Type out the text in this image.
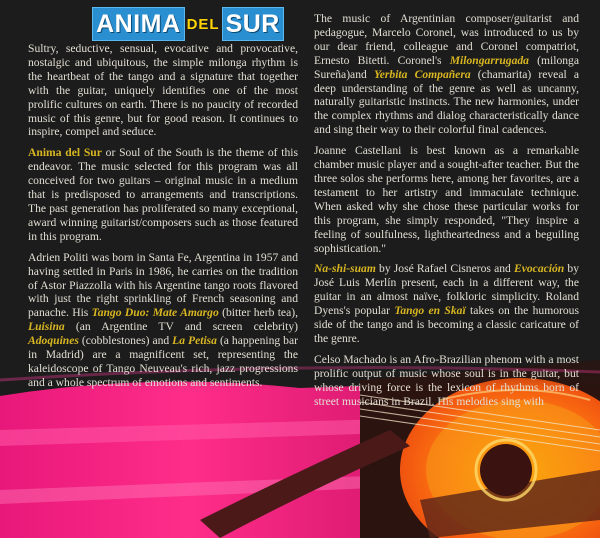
ANIMA DEL SUR

Sultry, seductive, sensual, evocative and provocative, nostalgic and ubiquitous, the simple milonga rhythm is the heartbeat of the tango and a signature that together with the guitar, uniquely identifies one of the most prolific cultures on earth. There is no paucity of recorded music of this genre, but for good reason. It continues to inspire, compel and seduce.

Anima del Sur or Soul of the South is the theme of this endeavor. The music selected for this program was all conceived for two guitars – original music in a medium that is predisposed to arrangements and transcriptions. The past generation has proliferated so many exceptional, award winning guitarist/composers such as those featured in this program.

Adrien Politi was born in Santa Fe, Argentina in 1957 and having settled in Paris in 1986, he carries on the tradition of Astor Piazzolla with his Argentine tango roots flavored with just the right sprinkling of French seasoning and panache. His Tango Duo: Mate Amargo (bitter herb tea), Luisina (an Argentine TV and screen celebrity) Adoquines (cobblestones) and La Petisa (a happening bar in Madrid) are a magnificent set, representing the kaleidoscope of Tango Neuveau's rich, jazz progressions and a whole spectrum of emotions and sentiments.

The music of Argentinian composer/guitarist and pedagogue, Marcelo Coronel, was introduced to us by our dear friend, colleague and Coronel compatriot, Ernesto Bitetti. Coronel's Milongarrugada (milonga Sureña)and Yerbita Compañera (chamarita) reveal a deep understanding of the genre as well as uncanny, naturally guitaristic instincts. The new harmonies, under the complex rhythms and dialog characteristically dance and sing their way to their colorful final cadences.

Joanne Castellani is best known as a remarkable chamber music player and a sought-after teacher. But the three solos she performs here, among her favorites, are a testament to her artistry and immaculate technique. When asked why she chose these particular works for this program, she simply responded, "They inspire a feeling of soulfulness, lightheartedness and a beguiling sophistication."

Na-shi-suam by José Rafael Cisneros and Evocación by José Luis Merlín present, each in a different way, the guitar in an almost naïve, folkloric simplicity. Roland Dyens's popular Tango en Skaï takes on the humorous side of the tango and is becoming a classic caricature of the genre.

Celso Machado is an Afro-Brazilian phenom with a most prolific output of music whose soul is in the guitar, but whose driving force is the lexicon of rhythms born of street musicians in Brazil. His melodies sing with
